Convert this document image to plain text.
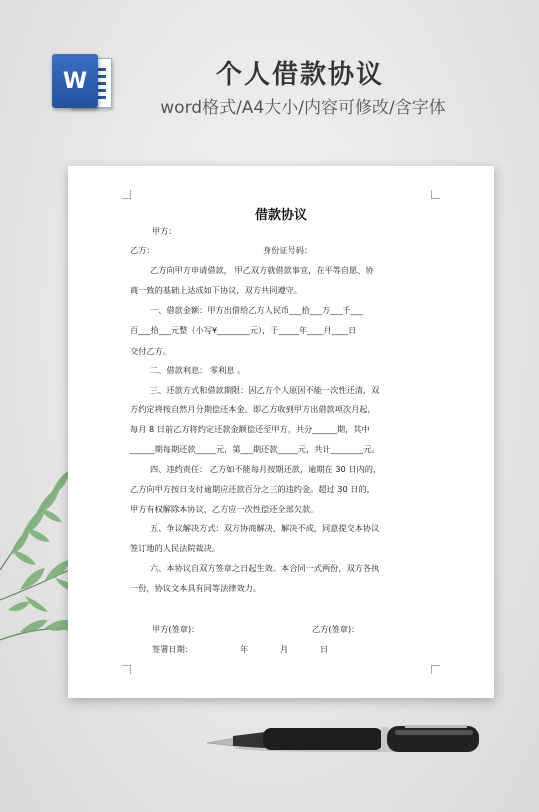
W	个人借款协议
word格式/A4大小/内容可修改/含字体
借款协议
甲方：
乙方：	身份证号码：
乙方向甲方申请借款， 甲乙双方就借款事宜，在平等自愿、协
商一致的基础上达成如下协议，双方共同遵守。
一、借款金额：甲方出借给乙方人民币___拾___万___千___
百___拾___元整（小写¥________元），于_____年____月____日
交付乙方。
二、借款利息： 零利息 。
三、还款方式和借款期限：因乙方个人原因不能一次性还清，双
方约定将按自然月分期偿还本金。即乙方收到甲方出借款项次月起，
每月 8 日前乙方将约定还款金额偿还至甲方，共分______期，其中
______期每期还款_____元，第___期还款_____元，共计________元。
四、违约责任： 乙方如不能每月按期还款，逾期在 30 日内的，
乙方向甲方按日支付逾期应还款百分之三的违约金。超过 30 日的，
甲方有权解除本协议，乙方应一次性偿还全部欠款。
五、争议解决方式：双方协商解决，解决不成，同意提交本协议
签订地的人民法院裁决。
六、本协议自双方签章之日起生效。本合同一式两份，双方各执
一份，协议文本具有同等法律效力。
甲方(签章)：	乙方(签章)：
签署日期：	年	月	日
